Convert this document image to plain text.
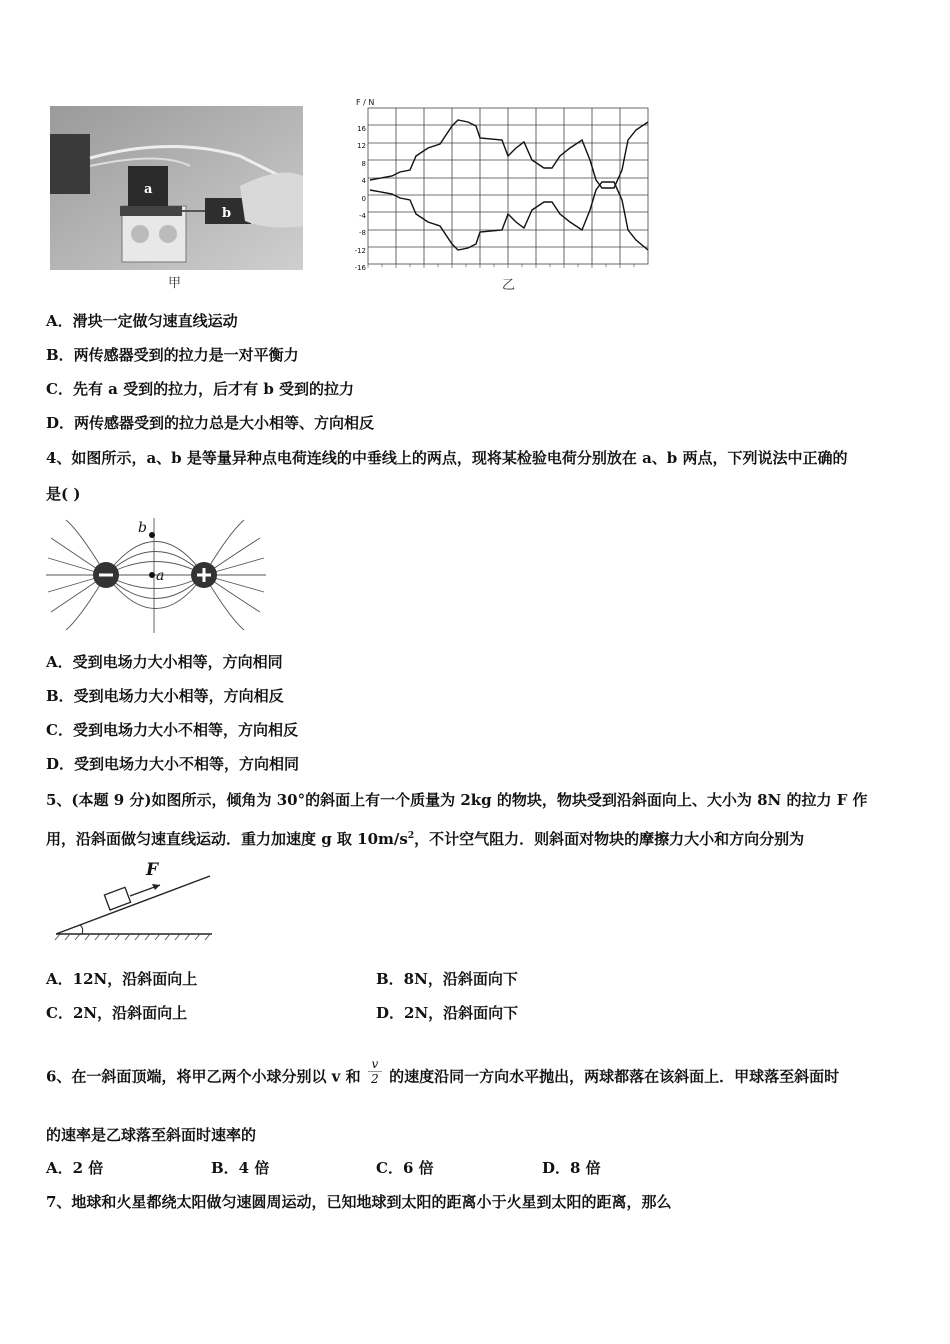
a
b
甲
F / N
16
12
8
4
0
-4
-8
-12
-16
乙
A．滑块一定做匀速直线运动
B．两传感器受到的拉力是一对平衡力
C．先有 a 受到的拉力，后才有 b 受到的拉力
D．两传感器受到的拉力总是大小相等、方向相反
4、如图所示，a、b 是等量异种点电荷连线的中垂线上的两点，现将某检验电荷分别放在 a、b 两点，下列说法中正确的
是( )
b
a
A．受到电场力大小相等，方向相同
B．受到电场力大小相等，方向相反
C．受到电场力大小不相等，方向相反
D．受到电场力大小不相等，方向相同
5、(本题 9 分)如图所示，倾角为 30°的斜面上有一个质量为 2kg 的物块，物块受到沿斜面向上、大小为 8N 的拉力 F 作
用，沿斜面做匀速直线运动．重力加速度 g 取 $10m/s^2$，不计空气阻力．则斜面对物块的摩擦力大小和方向分别为
F
A．12N，沿斜面向上	B．8N，沿斜面向下
C．2N，沿斜面向上	D．2N，沿斜面向下
6、在一斜面顶端，将甲乙两个小球分别以 v 和 $\frac{v}{2}$ 的速度沿同一方向水平抛出，两球都落在该斜面上．甲球落至斜面时
的速率是乙球落至斜面时速率的
A．2 倍	B．4 倍	C．6 倍	D．8 倍
7、地球和火星都绕太阳做匀速圆周运动，已知地球到太阳的距离小于火星到太阳的距离，那么
